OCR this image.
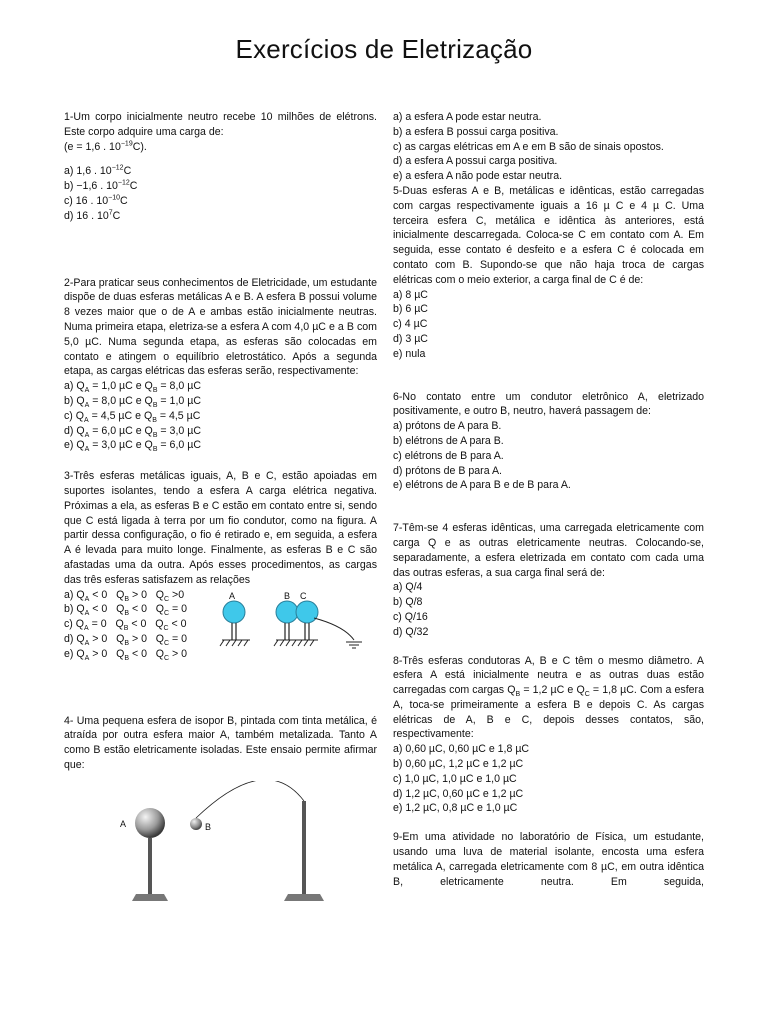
Exercícios de Eletrização

1-Um corpo inicialmente neutro recebe 10 milhões de elétrons. Este corpo adquire uma carga de:

(e = 1,6 . $10^{-19}C$).

a) 1,6 . $10^{-12}C$

b) −1,6 . $10^{-12}C$

c) 16 . $10^{-10}C$

d) 16 . $10^7C$

2-Para praticar seus conhecimentos de Eletricidade, um estudante dispõe de duas esferas metálicas A e B. A esfera B possui volume 8 vezes maior que o de A e ambas estão inicialmente neutras. Numa primeira etapa, eletriza-se a esfera A com 4,0 µC e a B com 5,0 µC. Numa segunda etapa, as esferas são colocadas em contato e atingem o equilíbrio eletrostático. Após a segunda etapa, as cargas elétricas das esferas serão, respectivamente:

a) $Q_A = 1,0$ µC e $Q_B = 8,0$ µC

b) $Q_A = 8,0$ µC e $Q_B = 1,0$ µC

c) $Q_A = 4,5$ µC e $Q_B = 4,5$ µC

d) $Q_A = 6,0$ µC e $Q_B = 3,0$ µC

e) $Q_A = 3,0$ µC e $Q_B = 6,0$ µC

3-Três esferas metálicas iguais, A, B e C, estão apoiadas em suportes isolantes, tendo a esfera A carga elétrica negativa. Próximas a ela, as esferas B e C estão em contato entre si, sendo que C está ligada à terra por um fio condutor, como na figura. A partir dessa configuração, o fio é retirado e, em seguida, a esfera A é levada para muito longe. Finalmente, as esferas B e C são afastadas uma da outra. Após esses procedimentos, as cargas das três esferas satisfazem as relações

a) $Q_A < 0$   $Q_B > 0$   $Q_C >0$

b) $Q_A < 0$   $Q_B < 0$   $Q_C = 0$

c) $Q_A = 0$   $Q_B < 0$   $Q_C < 0$

d) $Q_A > 0$   $Q_B > 0$   $Q_C = 0$

e) $Q_A > 0$   $Q_B < 0$   $Q_C > 0$

A	B C

4- Uma pequena esfera de isopor B, pintada com tinta metálica, é atraída por outra esfera maior A, também metalizada. Tanto A como B estão eletricamente isoladas. Este ensaio permite afirmar que:

A	B

a) a esfera A pode estar neutra.

b) a esfera B possui carga positiva.

c) as cargas elétricas em A e em B são de sinais opostos.

d) a esfera A possui carga positiva.

e) a esfera A não pode estar neutra.

5-Duas esferas A e B, metálicas e idênticas, estão carregadas com cargas respectivamente iguais a 16 µ C e 4 µ C. Uma terceira esfera C, metálica e idêntica às anteriores, está inicialmente descarregada. Coloca-se C em contato com A. Em seguida, esse contato é desfeito e a esfera C é colocada em contato com B. Supondo-se que não haja troca de cargas elétricas com o meio exterior, a carga final de C é de:

a) 8 µC

b) 6 µC

c) 4 µC

d) 3 µC

e) nula

6-No contato entre um condutor eletrônico A, eletrizado positivamente, e outro B, neutro, haverá passagem de:

a) prótons de A para B.

b) elétrons de A para B.

c) elétrons de B para A.

d) prótons de B para A.

e) elétrons de A para B e de B para A.

7-Têm-se 4 esferas idênticas, uma carregada eletricamente com carga Q e as outras eletricamente neutras. Colocando-se, separadamente, a esfera eletrizada em contato com cada uma das outras esferas, a sua carga final será de:

a) Q/4

b) Q/8

c) Q/16

d) Q/32

8-Três esferas condutoras A, B e C têm o mesmo diâmetro. A esfera A está inicialmente neutra e as outras duas estão carregadas com cargas $Q_B = 1,2$ µC e $Q_C = 1,8$ µC. Com a esfera A, toca-se primeiramente a esfera B e depois C. As cargas elétricas de A, B e C, depois desses contatos, são, respectivamente:

a) 0,60 µC, 0,60 µC e 1,8 µC

b) 0,60 µC, 1,2 µC e 1,2 µC

c) 1,0 µC, 1,0 µC e 1,0 µC

d) 1,2 µC, 0,60 µC e 1,2 µC

e) 1,2 µC, 0,8 µC e 1,0 µC

9-Em uma atividade no laboratório de Física, um estudante, usando uma luva de material isolante, encosta uma esfera metálica A, carregada eletricamente com 8 µC, em outra idêntica B, eletricamente neutra. Em seguida,
